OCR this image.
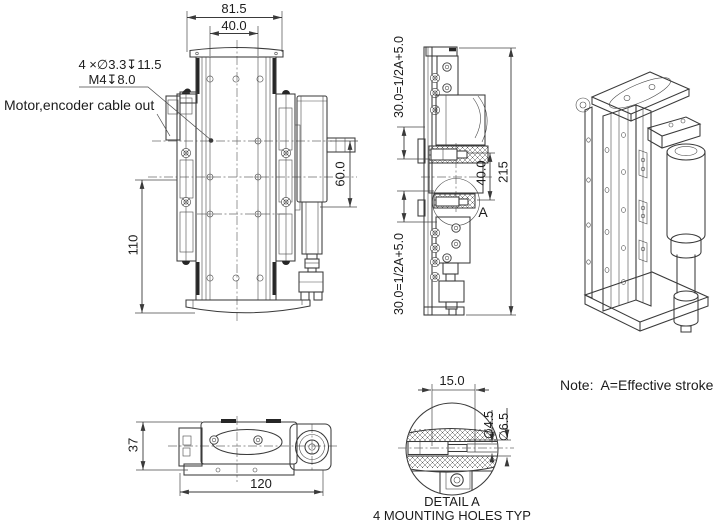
81.5
40.0
4 ×∅3.3↧11.5
M4↧8.0
Motor,encoder cable out
110
60.0
30.0=1/2A+5.0
30.0=1/2A+5.0
40.0 215
A
37
120
15.0
∅4.5 ∅6.5
DETAIL A
4 MOUNTING HOLES TYP
Note:  A=Effective stroke
